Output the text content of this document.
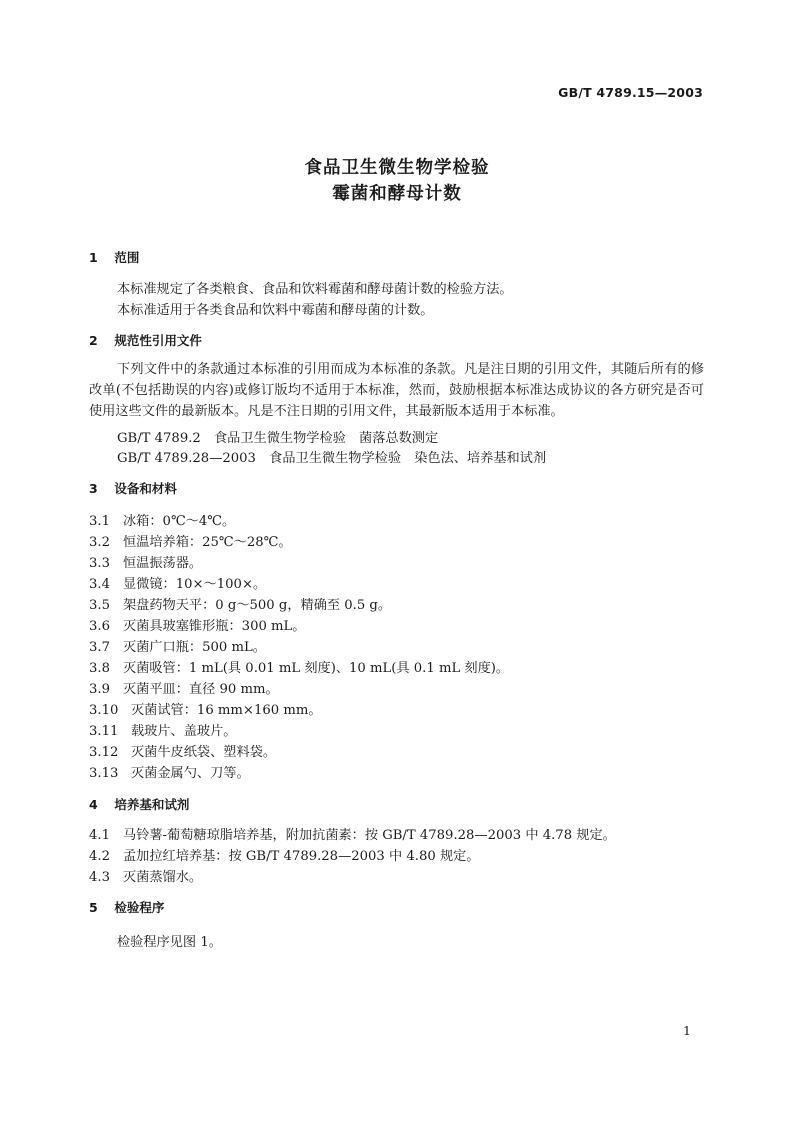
GB/T 4789.15—2003
食品卫生微生物学检验
霉菌和酵母计数
1 范围
本标准规定了各类粮食、食品和饮料霉菌和酵母菌计数的检验方法。
本标准适用于各类食品和饮料中霉菌和酵母菌的计数。
2 规范性引用文件
下列文件中的条款通过本标准的引用而成为本标准的条款。凡是注日期的引用文件，其随后所有的修改单(不包括勘误的内容)或修订版均不适用于本标准，然而，鼓励根据本标准达成协议的各方研究是否可使用这些文件的最新版本。凡是不注日期的引用文件，其最新版本适用于本标准。
GB/T 4789.2　食品卫生微生物学检验　菌落总数测定
GB/T 4789.28—2003　食品卫生微生物学检验　染色法、培养基和试剂
3 设备和材料
3.1 冰箱：0℃～4℃。
3.2 恒温培养箱：25℃～28℃。
3.3 恒温振荡器。
3.4 显微镜：10×～100×。
3.5 架盘药物天平：0 g～500 g，精确至 0.5 g。
3.6 灭菌具玻塞锥形瓶：300 mL。
3.7 灭菌广口瓶：500 mL。
3.8 灭菌吸管：1 mL(具 0.01 mL 刻度)、10 mL(具 0.1 mL 刻度)。
3.9 灭菌平皿：直径 90 mm。
3.10 灭菌试管：16 mm×160 mm。
3.11 载玻片、盖玻片。
3.12 灭菌牛皮纸袋、塑料袋。
3.13 灭菌金属勺、刀等。
4 培养基和试剂
4.1 马铃薯-葡萄糖琼脂培养基，附加抗菌素：按 GB/T 4789.28—2003 中 4.78 规定。
4.2 孟加拉红培养基：按 GB/T 4789.28—2003 中 4.80 规定。
4.3 灭菌蒸馏水。
5 检验程序
检验程序见图 1。
1
